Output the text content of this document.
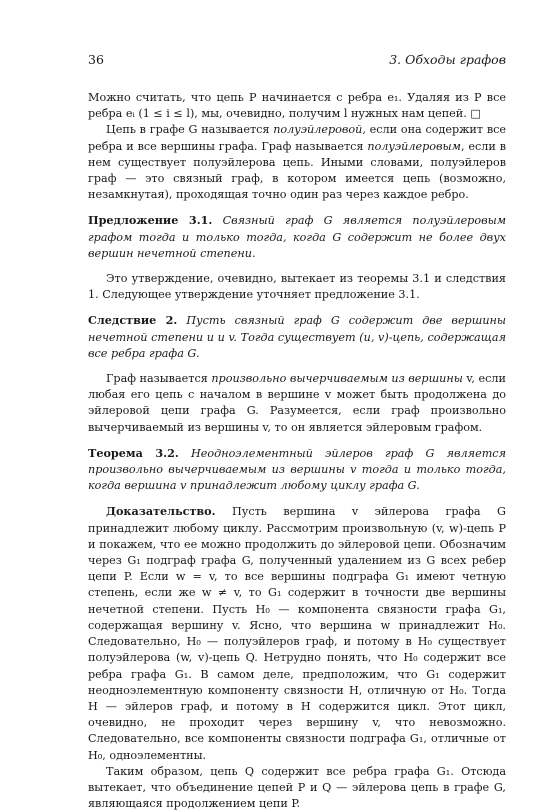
36	3. Обходы графов

Можно считать, что цепь P начинается с ребра e₁. Удаляя из P все ребра eᵢ (1 ≤ i ≤ l), мы, очевидно, получим l нужных нам цепей. □

Цепь в графе G называется полуэйлеровой, если она содержит все ребра и все вершины графа. Граф называется полуэйлеровым, если в нем существует полуэйлерова цепь. Иными словами, полуэйлеров граф — это связный граф, в котором имеется цепь (возможно, незамкнутая), проходящая точно один раз через каждое ребро.

Предложение 3.1. Связный граф G является полуэйлеровым графом тогда и только тогда, когда G содержит не более двух вершин нечетной степени.

Это утверждение, очевидно, вытекает из теоремы 3.1 и следствия 1. Следующее утверждение уточняет предложение 3.1.

Следствие 2. Пусть связный граф G содержит две вершины нечетной степени u и v. Тогда существует (u, v)-цепь, содержащая все ребра графа G.

Граф называется произвольно вычерчиваемым из вершины v, если любая его цепь с началом в вершине v может быть продолжена до эйлеровой цепи графа G. Разумеется, если граф произвольно вычерчиваемый из вершины v, то он является эйлеровым графом.

Теорема 3.2. Неодноэлементный эйлеров граф G является произвольно вычерчиваемым из вершины v тогда и только тогда, когда вершина v принадлежит любому циклу графа G.

Доказательство. Пусть вершина v эйлерова графа G принадлежит любому циклу. Рассмотрим произвольную (v, w)-цепь P и покажем, что ее можно продолжить до эйлеровой цепи. Обозначим через G₁ подграф графа G, полученный удалением из G всех ребер цепи P. Если w = v, то все вершины подграфа G₁ имеют четную степень, если же w ≠ v, то G₁ содержит в точности две вершины нечетной степени. Пусть H₀ — компонента связности графа G₁, содержащая вершину v. Ясно, что вершина w принадлежит H₀. Следовательно, H₀ — полуэйлеров граф, и потому в H₀ существует полуэйлерова (w, v)-цепь Q. Нетрудно понять, что H₀ содержит все ребра графа G₁. В самом деле, предположим, что G₁ содержит неодноэлементную компоненту связности H, отличную от H₀. Тогда H — эйлеров граф, и потому в H содержится цикл. Этот цикл, очевидно, не проходит через вершину v, что невозможно. Следовательно, все компоненты связности подграфа G₁, отличные от H₀, одноэлементны.

Таким образом, цепь Q содержит все ребра графа G₁. Отсюда вытекает, что объединение цепей P и Q — эйлерова цепь в графе G, являющаяся продолжением цепи P.
